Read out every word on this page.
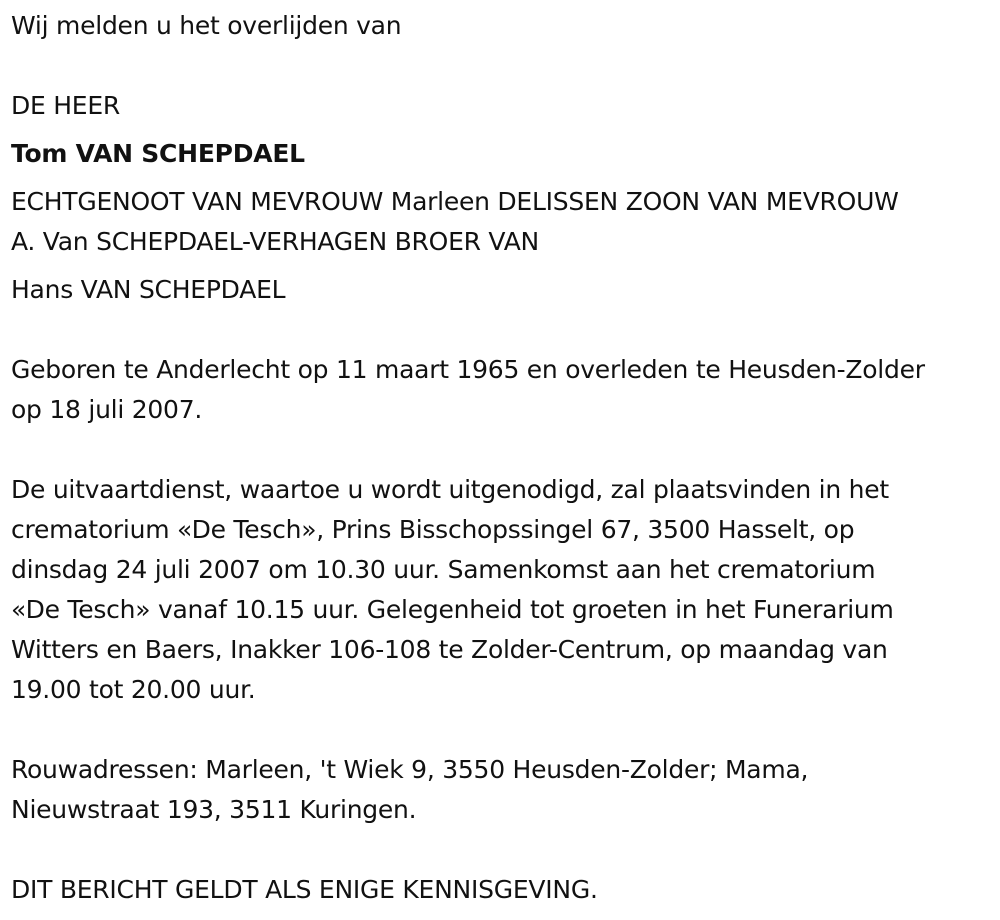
Wij melden u het overlijden van
DE HEER
Tom VAN SCHEPDAEL
ECHTGENOOT VAN MEVROUW Marleen DELISSEN ZOON VAN MEVROUW
A. Van SCHEPDAEL-VERHAGEN BROER VAN
Hans VAN SCHEPDAEL
Geboren te Anderlecht op 11 maart 1965 en overleden te Heusden-Zolder
op 18 juli 2007.
De uitvaartdienst, waartoe u wordt uitgenodigd, zal plaatsvinden in het
crematorium «De Tesch», Prins Bisschopssingel 67, 3500 Hasselt, op
dinsdag 24 juli 2007 om 10.30 uur. Samenkomst aan het crematorium
«De Tesch» vanaf 10.15 uur. Gelegenheid tot groeten in het Funerarium
Witters en Baers, Inakker 106-108 te Zolder-Centrum, op maandag van
19.00 tot 20.00 uur.
Rouwadressen: Marleen, 't Wiek 9, 3550 Heusden-Zolder; Mama,
Nieuwstraat 193, 3511 Kuringen.
DIT BERICHT GELDT ALS ENIGE KENNISGEVING.
